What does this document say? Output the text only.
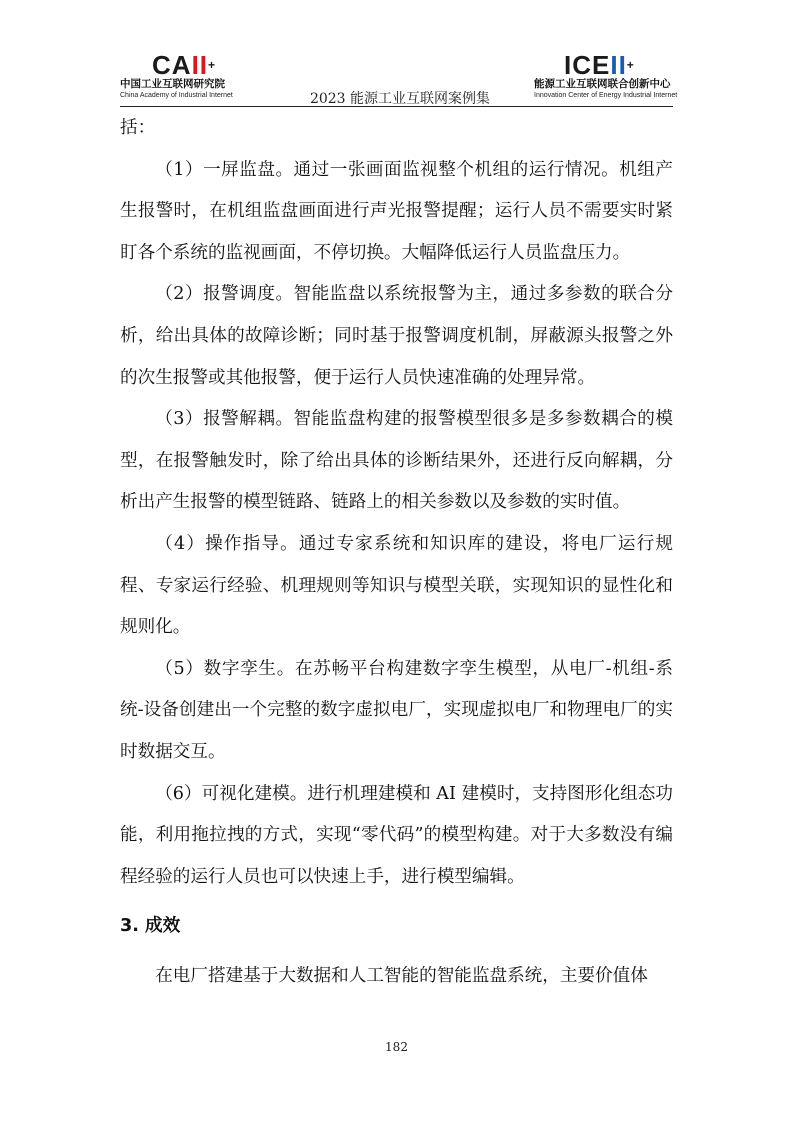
CAII+
中国工业互联网研究院
China Academy of Industrial Internet	2023 能源工业互联网案例集
ICEII+
能源工业互联网联合创新中心
Innovation Center of Energy Industrial Internet

括：

（1）一屏监盘。通过一张画面监视整个机组的运行情况。机组产生报警时，在机组监盘画面进行声光报警提醒；运行人员不需要实时紧盯各个系统的监视画面，不停切换。大幅降低运行人员监盘压力。

（2）报警调度。智能监盘以系统报警为主，通过多参数的联合分析，给出具体的故障诊断；同时基于报警调度机制，屏蔽源头报警之外的次生报警或其他报警，便于运行人员快速准确的处理异常。

（3）报警解耦。智能监盘构建的报警模型很多是多参数耦合的模型，在报警触发时，除了给出具体的诊断结果外，还进行反向解耦，分析出产生报警的模型链路、链路上的相关参数以及参数的实时值。

（4）操作指导。通过专家系统和知识库的建设，将电厂运行规程、专家运行经验、机理规则等知识与模型关联，实现知识的显性化和规则化。

（5）数字孪生。在苏畅平台构建数字孪生模型，从电厂-机组-系统-设备创建出一个完整的数字虚拟电厂，实现虚拟电厂和物理电厂的实时数据交互。

（6）可视化建模。进行机理建模和 AI 建模时，支持图形化组态功能，利用拖拉拽的方式，实现“零代码”的模型构建。对于大多数没有编程经验的运行人员也可以快速上手，进行模型编辑。

3. 成效

在电厂搭建基于大数据和人工智能的智能监盘系统，主要价值体

182
